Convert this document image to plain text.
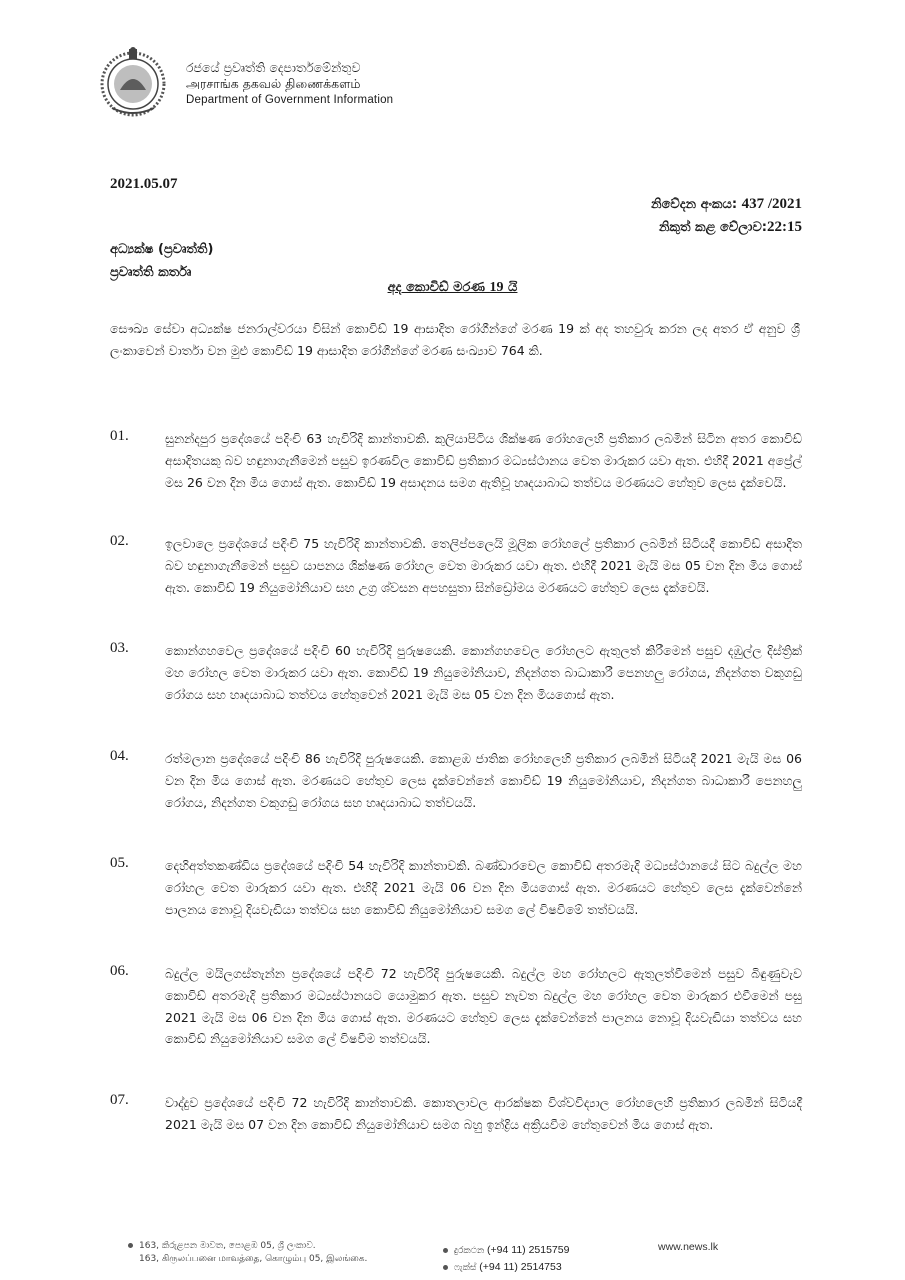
රජයේ ප්‍රවෘත්ති දෙපාර්තමේන්තුව
அரசாங்க தகவல் திணைக்களம்
Department of Government Information
2021.05.07
නිවේදන අංකය: 437 /2021
නිකුත් කළ වේලාව:22:15
අධ්‍යක්ෂ (ප්‍රවෘත්ති)
ප්‍රවෘත්ති කර්තෘ
අද කොවිඩ් මරණ 19 යි
සෞඛ්‍ය සේවා අධ්‍යක්ෂ ජනරාල්වරයා විසින් කොවිඩ් 19 ආසාදිත රෝගීන්ගේ මරණ 19 ක් අද තහවුරු කරන ලද අතර ඒ අනුව ශ්‍රී ලංකාවෙන් වාර්තා වන මුළු කොවිඩ් 19 ආසාදිත රෝගීන්ගේ මරණ සංඛ්‍යාව 764 කි.
01.	සුනන්දපුර ප්‍රදේශයේ පදිංචි 63 හැවිරිදි කාන්තාවකි. කුලියාපිටිය ශික්ෂණ රෝහලෙහි ප්‍රතිකාර ලබමින් සිටින අතර කොවිඩ් අසාදිතයකු බව හඳුනාගැනීමෙන් පසුව ඉරණවිල කොවිඩ් ප්‍රතිකාර මධ්‍යස්ථානය වෙත මාරුකර යවා ඇත. එහිදී 2021 අප්‍රේල් මස 26 වන දින මිය ගොස් ඇත. කොවිඩ් 19 අසාදනය සමග ඇතිවූ හෘදයාබාධ තත්වය මරණයට හේතුව ලෙස දැක්වෙයි.
02.	ඉලවාලෙ ප්‍රදේශයේ පදිංචි 75 හැවිරිදි කාන්තාවකි. තෙලිප්පලෙයි මූලික රෝහලේ ප්‍රතිකාර ලබමින් සිටියදී කොවිඩ් අසාදිත බව හඳුනාගැනීමෙන් පසුව යාපනය ශික්ෂණ රෝහල වෙත මාරුකර යවා ඇත. එහිදී 2021 මැයි මස 05 වන දින මිය ගොස් ඇත. කොවිඩ් 19 නියුමෝනියාව සහ උග්‍ර ශ්වසන අපහසුතා සින්ඩ්‍රෝමය මරණයට හේතුව ලෙස දැක්වෙයි.
03.	කොන්ගහවෙල ප්‍රදේශයේ පදිංචි 60 හැවිරිදි පුරුෂයෙකි. කොන්ගහවෙල රෝහලට ඇතුලත් කිරීමෙන් පසුව දඹුල්ල දිස්ත්‍රික් මහ රෝහල වෙත මාරුකර යවා ඇත. කොවිඩ් 19 නියුමෝනියාව, නිදන්ගත බාධාකාරී පෙනහලු රෝගය, නිදන්ගත වකුගඩු රෝගය සහ හෘදයාබාධ තත්වය හේතුවෙන් 2021 මැයි මස 05 වන දින මියගොස් ඇත.
04.	රත්මලාන ප්‍රදේශයේ පදිංචි 86 හැවිරිදි පුරුෂයෙකි. කොළඹ ජාතික රෝහලෙහි ප්‍රතිකාර ලබමින් සිටියදී 2021 මැයි මස 06 වන දින මිය ගොස් ඇත. මරණයට හේතුව ලෙස දැක්වෙන්නේ කොවිඩ් 19 නියුමෝනියාව, නිදන්ගත බාධාකාරී පෙනහලු රෝගය, නිදන්ගත වකුගඩු රෝගය සහ හෘදයාබාධ තත්වයයි.
05.	දෙහිඅත්තකණ්ඩිය ප්‍රදේශයේ පදිංචි 54 හැවිරිදි කාන්තාවකි. බණ්ඩාරවෙල කොවිඩ් අතරමැදි මධ්‍යස්ථානයේ සිට බදුල්ල මහ රෝහල වෙත මාරුකර යවා ඇත. එහිදී 2021 මැයි 06 වන දින මියගොස් ඇත. මරණයට හේතුව ලෙස දැක්වෙන්නේ පාලනය නොවූ දියවැඩියා තත්වය සහ කොවිඩ් නියුමෝනියාව සමග ලේ විෂවීමේ තත්වයයි.
06.	බදුල්ල මයිලගස්තැන්න ප්‍රදේශයේ පදිංචි 72 හැවිරිදි පුරුෂයෙකි. බදුල්ල මහ රෝහලට ඇතුලත්වීමෙන් පසුව බිඳුණුවැව කොවිඩ් අතරමැදි ප්‍රතිකාර මධ්‍යස්ථානයට යොමුකර ඇත. පසුව නැවත බදුල්ල මහ රෝහල වෙත මාරුකර එවීමෙන් පසු 2021 මැයි මස 06 වන දින මිය ගොස් ඇත. මරණයට හේතුව ලෙස දැක්වෙන්නේ පාලනය නොවූ දියවැඩියා තත්වය සහ කොවිඩ් නියුමෝනියාව සමග ලේ විෂවීම තත්වයයි.
07.	වාද්දුව ප්‍රදේශයේ පදිංචි 72 හැවිරිදි කාන්තාවකි. කොතලාවල ආරක්ෂක විශ්වවිද්‍යාල රෝහලෙහි ප්‍රතිකාර ලබමින් සිටියදී 2021 මැයි මස 07 වන දින කොවිඩ් නියුමෝනියාව සමග බහු ඉන්ද්‍රිය අක්‍රියවීම හේතුවෙන් මිය ගොස් ඇත.
163, කිරුළපන මාවත, පොළඹ 05, ශ්‍රී ලංකාව.
163, கிருலப்பனை மாவத்தை, கொழும்பு 05, இலங்கை.
දුරකථන (+94 11) 2515759
ෆැක්ස් (+94 11) 2514753
www.news.lk
